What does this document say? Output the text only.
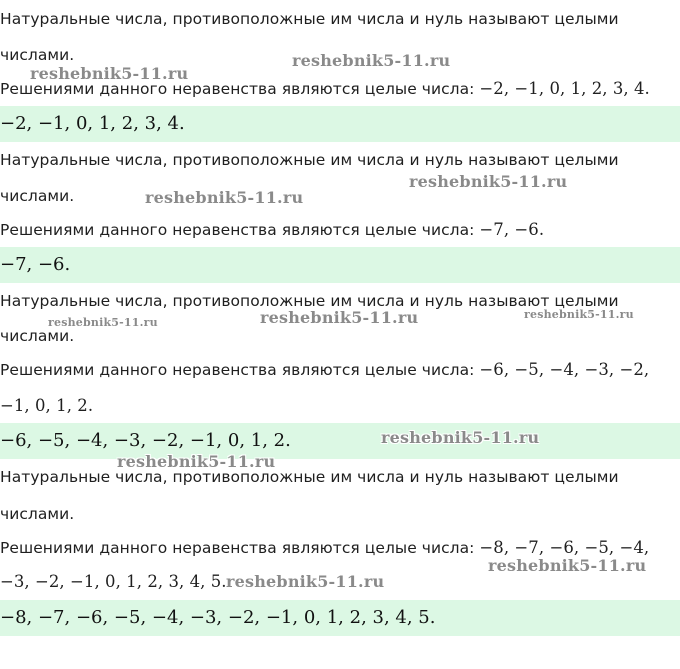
Натуральные числа, противоположные им числа и нуль называют целыми
числами.
Решениями данного неравенства являются целые числа: −2, −1, 0, 1, 2, 3, 4.
−2, −1, 0, 1, 2, 3, 4.
Натуральные числа, противоположные им числа и нуль называют целыми
числами.
Решениями данного неравенства являются целые числа: −7, −6.
−7, −6.
Натуральные числа, противоположные им числа и нуль называют целыми
числами.
Решениями данного неравенства являются целые числа: −6, −5, −4, −3, −2,
−1, 0, 1, 2.
−6, −5, −4, −3, −2, −1, 0, 1, 2.
Натуральные числа, противоположные им числа и нуль называют целыми
числами.
Решениями данного неравенства являются целые числа: −8, −7, −6, −5, −4,
−3, −2, −1, 0, 1, 2, 3, 4, 5.
−8, −7, −6, −5, −4, −3, −2, −1, 0, 1, 2, 3, 4, 5.
reshebnik5-11.ru
reshebnik5-11.ru
reshebnik5-11.ru
reshebnik5-11.ru
reshebnik5-11.ru	reshebnik5-11.ru	reshebnik5-11.ru
reshebnik5-11.ru
reshebnik5-11.ru
reshebnik5-11.ru
reshebnik5-11.ru
